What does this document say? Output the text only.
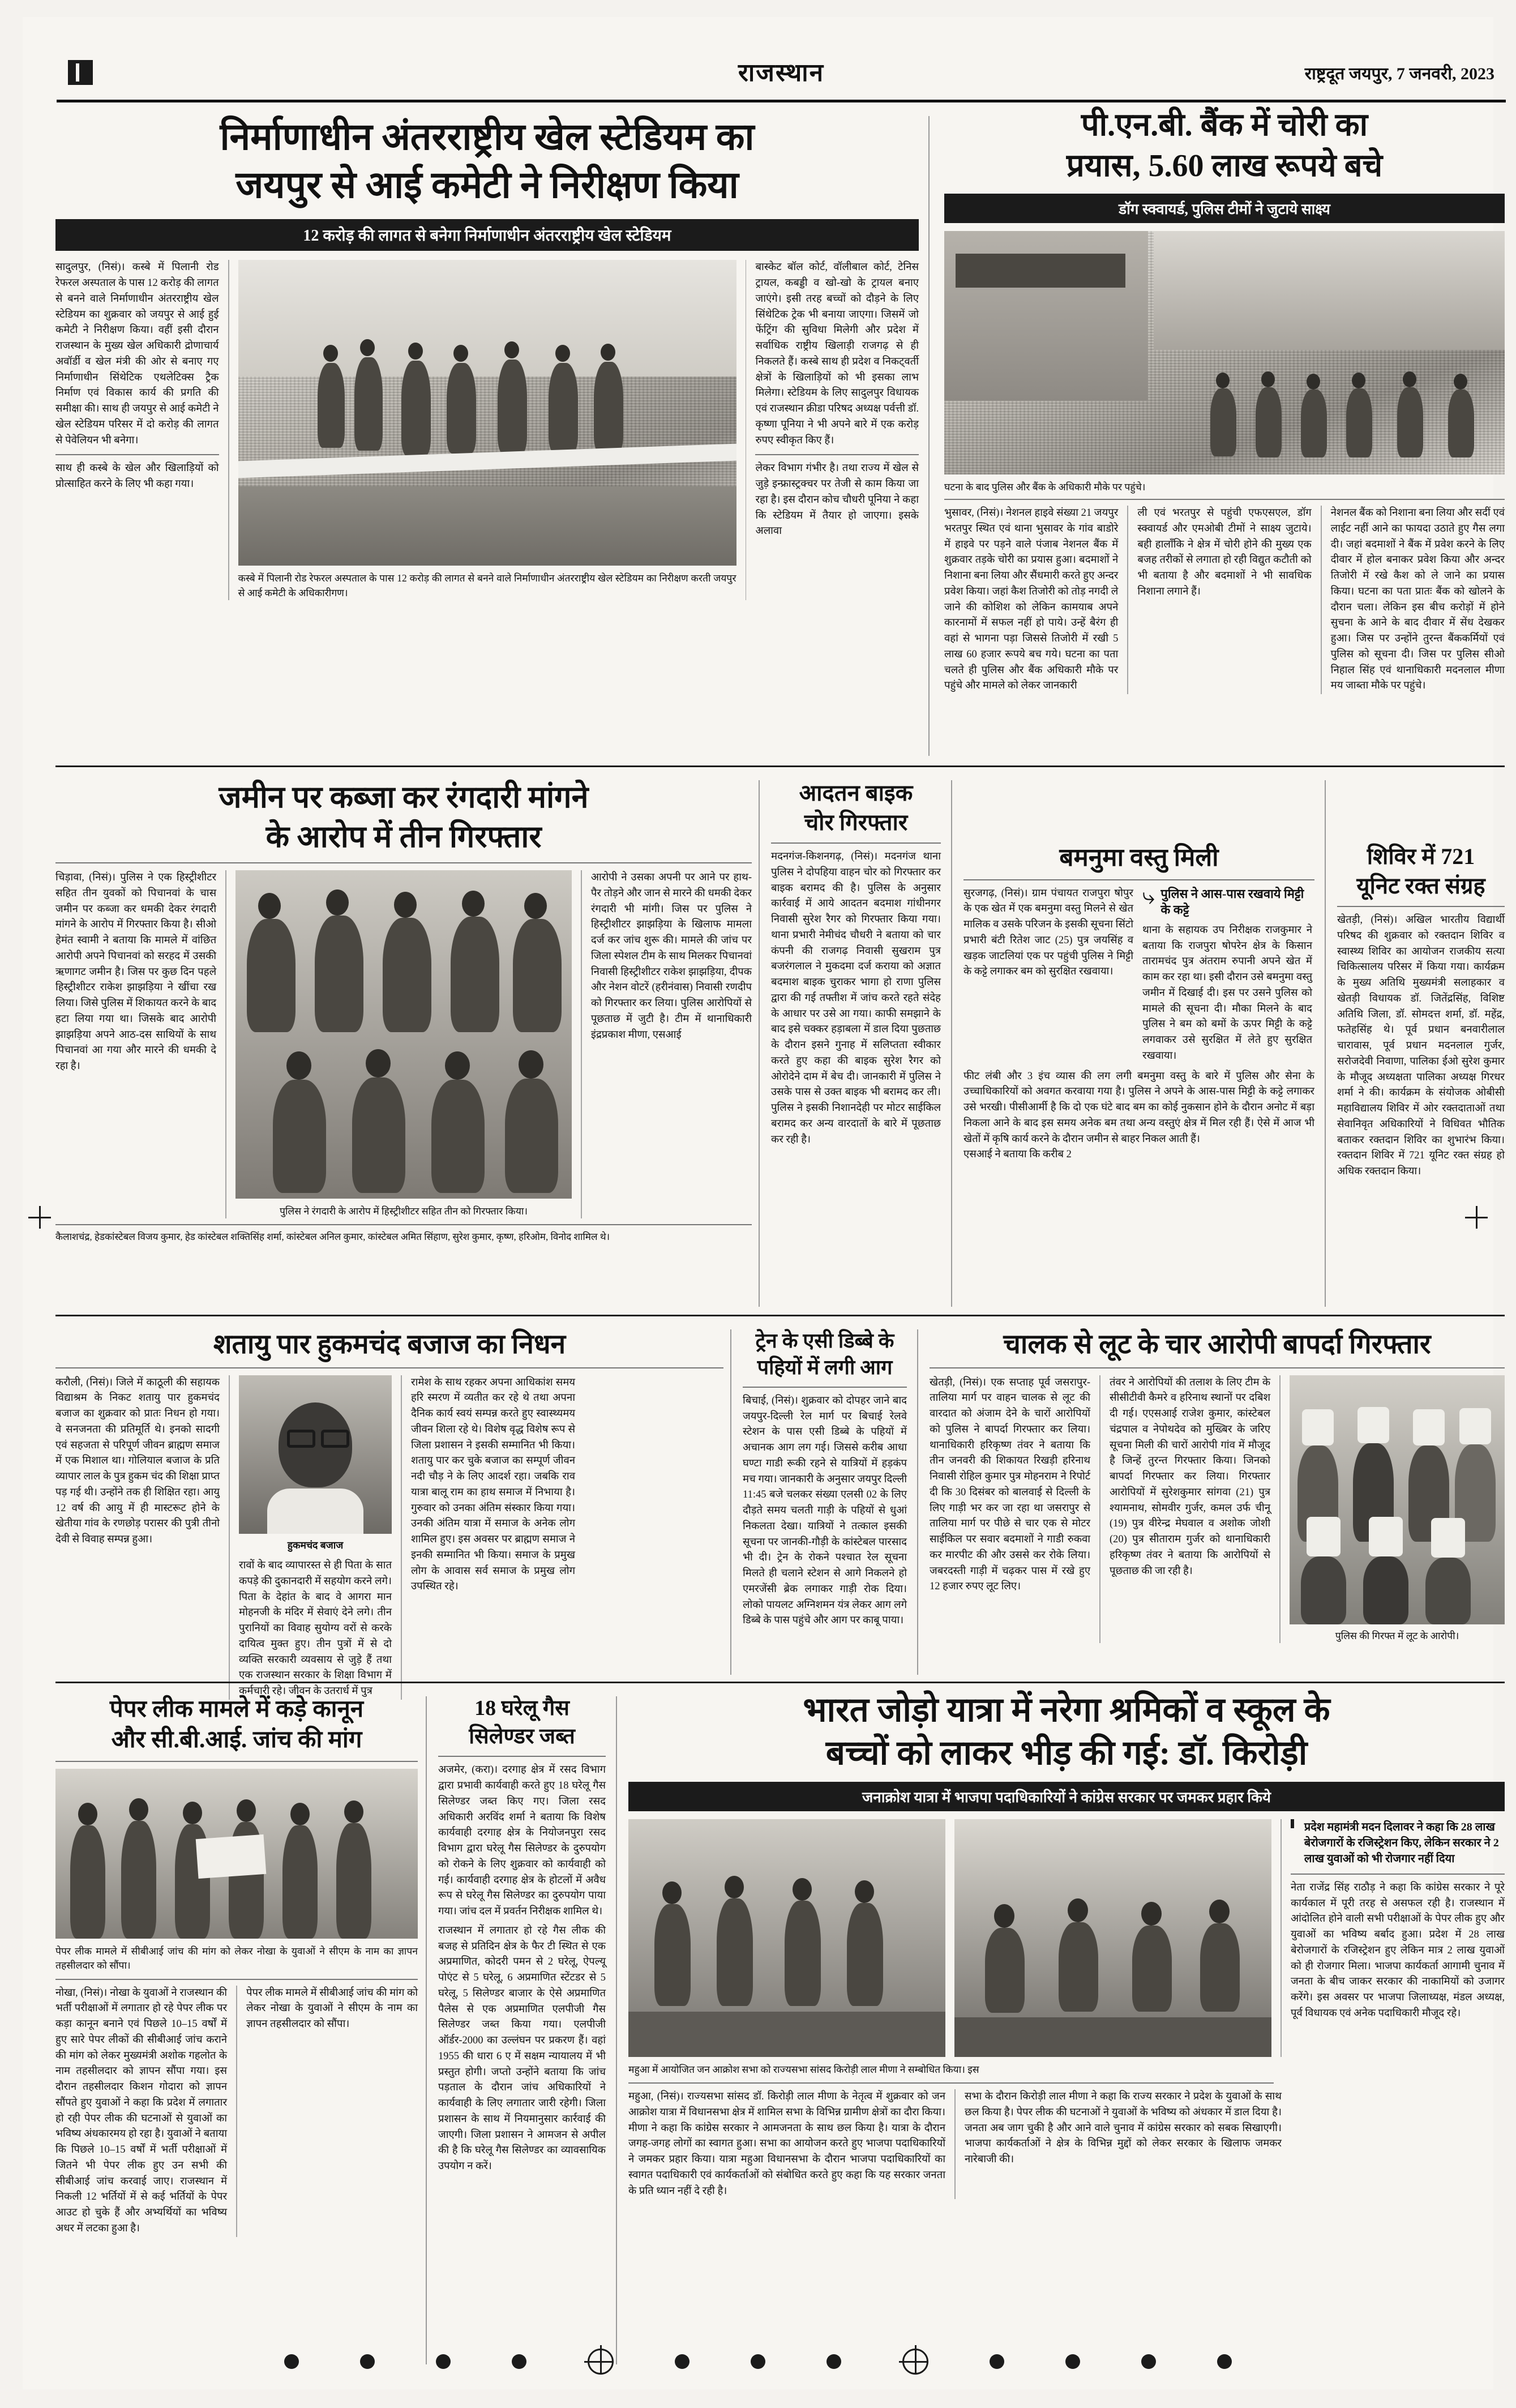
राजस्थान	राष्ट्रदूत जयपुर, 7 जनवरी, 2023
निर्माणाधीन अंतरराष्ट्रीय खेल स्टेडियम का
जयपुर से आई कमेटी ने निरीक्षण किया
12 करोड़ की लागत से बनेगा निर्माणाधीन अंतरराष्ट्रीय खेल स्टेडियम
सादुलपुर, (निसं)। कस्बे में पिलानी रोड रेफरल अस्पताल के पास 12 करोड़ की लागत से बनने वाले निर्माणाधीन अंतरराष्ट्रीय खेल स्टेडियम का शुक्रवार को जयपुर से आई हुई कमेटी ने निरीक्षण किया। वहीं इसी दौरान राजस्थान के मुख्य खेल अधिकारी द्रोणाचार्य अवॉर्डी व खेल मंत्री की ओर से बनाए गए निर्माणाधीन सिंथेटिक एथलेटिक्स ट्रैक निर्माण एवं विकास कार्य की प्रगति की समीक्षा की। साथ ही जयपुर से आई कमेटी ने खेल स्टेडियम परिसर में दो करोड़ की लागत से पेवेलियन भी बनेगा।
साथ ही कस्बे के खेल और खिलाड़ियों को प्रोत्साहित करने के लिए भी कहा गया।
कस्बे में पिलानी रोड रेफरल अस्पताल के पास 12 करोड़ की लागत से बनने वाले निर्माणाधीन अंतरराष्ट्रीय खेल स्टेडियम का निरीक्षण करती जयपुर से आई कमेटी के अधिकारीगण।
बास्केट बॉल कोर्ट, वॉलीबाल कोर्ट, टेनिस ट्रायल, कबड्डी व खो-खो के ट्रायल बनाए जाएंगे। इसी तरह बच्चों को दौड़ने के लिए सिंथेटिक ट्रेक भी बनाया जाएगा। जिसमें जो फेंट्रिंग की सुविधा मिलेगी और प्रदेश में सर्वाधिक राष्ट्रीय खिलाड़ी राजगढ़ से ही निकलते हैं। कस्बे साथ ही प्रदेश व निकट्वर्ती क्षेत्रों के खिलाड़ियों को भी इसका लाभ मिलेगा। स्टेडियम के लिए सादुलपुर विधायक एवं राजस्थान क्रीडा परिषद अध्यक्ष पर्वत्ती डॉ. कृष्णा पूनिया ने भी अपने बारे में एक करोड़ रुपए स्वीकृत किए हैं।
लेकर विभाग गंभीर है। तथा राज्य में खेल से जुड़े इन्फ्रास्ट्रक्चर पर तेजी से काम किया जा रहा है। इस दौरान कोच चौधरी पूनिया ने कहा कि स्टेडियम में तैयार हो जाएगा। इसके अलावा
पी.एन.बी. बैंक में चोरी का
प्रयास, 5.60 लाख रूपये बचे
डॉग स्क्वायर्ड, पुलिस टीमों ने जुटाये साक्ष्य
घटना के बाद पुलिस और बैंक के अधिकारी मौके पर पहुंचे।
भुसावर, (निसं)। नेशनल हाइवे संख्या 21 जयपुर भरतपुर स्थित एवं थाना भुसावर के गांव बाडोरे में हाइवे पर पड़ने वाले पंजाब नेशनल बैंक में शुक्रवार तड़के चोरी का प्रयास हुआ। बदमाशों ने निशाना बना लिया और सैंधमारी करते हुए अन्दर प्रवेश किया। जहां कैश तिजोरी को तोड़ नगदी ले जाने की कोशिश को लेकिन कामयाब अपने कारनामों में सफल नहीं हो पाये। उन्हें बैरंग ही वहां से भागना पड़ा जिससे तिजोरी में रखी 5 लाख 60 हजार रूपये बच गये। घटना का पता चलते ही पुलिस और बैंक अधिकारी मौके पर पहुंचे और मामले को लेकर जानकारी
ली एवं भरतपुर से पहुंची एफएसएल, डॉग स्क्वायर्ड और एमओबी टीमों ने साक्ष्य जुटाये। बही हालाँकि ने क्षेत्र में चोरी होने की मुख्य एक बजह तरीकों से लगाता हो रही विद्युत कटौती को भी बताया है और बदमाशों ने भी सावधिक निशाना लगाने हैं।
नेशनल बैंक को निशाना बना लिया और सदीं एवं लाईट नहीं आने का फायदा उठाते हुए गैस लगा दी। जहां बदमाशों ने बैंक में प्रवेश करने के लिए दीवार में होल बनाकर प्रवेश किया और अन्दर तिजोरी में रखे कैश को ले जाने का प्रयास किया। घटना का पता प्रातः बैंक को खोलने के दौरान चला। लेकिन इस बीच करोड़ों में होने सुचना के आने के बाद दीवार में सेंध देखकर हुआ। जिस पर उन्होंने तुरन्त बैंककर्मियों एवं पुलिस को सूचना दी। जिस पर पुलिस सीओ निहाल सिंह एवं थानाधिकारी मदनलाल मीणा मय जाब्ता मौके पर पहुंचे।
जमीन पर कब्जा कर रंगदारी मांगने
के आरोप में तीन गिरफ्तार
चिड़ावा, (निसं)। पुलिस ने एक हिस्ट्रीशीटर सहित तीन युवकों को पिचानवां के चास जमीन पर कब्जा कर धमकी देकर रंगदारी मांगने के आरोप में गिरफ्तार किया है। सीओ हेमंत स्वामी ने बताया कि मामले में वांछित आरोपी अपने पिचानवां को सरहद में उसकी ऋणागट जमीन है। जिस पर कुछ दिन पहले हिस्ट्रीशीटर राकेश झाझड़िया ने खींचा रख लिया। जिसे पुलिस में शिकायत करने के बाद हटा लिया गया था। जिसके बाद आरोपी झाझड़िया अपने आठ-दस साथियों के साथ पिचानवां आ गया और मारने की धमकी दे रहा है।
पुलिस ने रंगदारी के आरोप में हिस्ट्रीशीटर सहित तीन को गिरफ्तार किया।
आरोपी ने उसका अपनी पर आने पर हाथ-पैर तोड़ने और जान से मारने की धमकी देकर रंगदारी भी मांगी। जिस पर पुलिस ने हिस्ट्रीशीटर झाझड़िया के खिलाफ मामला दर्ज कर जांच शुरू की। मामले की जांच पर जिला स्पेशल टीम के साथ मिलकर पिचानवां निवासी हिस्ट्रीशीटर राकेश झाझड़िया, दीपक और नेशन वोटरें (हरीनंवास) निवासी रणदीप को गिरफ्तार कर लिया। पुलिस आरोपियों से पूछताछ में जुटी है। टीम में थानाधिकारी इंद्रप्रकाश मीणा, एसआई
कैलाशचंद्र, हेडकांस्टेबल विजय कुमार, हेड कांस्टेबल शक्तिसिंह शर्मा, कांस्टेबल अनिल कुमार, कांस्टेबल अमित सिंहाण, सुरेश कुमार, कृष्ण, हरिओम, विनोद शामिल थे।
आदतन बाइक
चोर गिरफ्तार
मदनगंज-किशनगढ़, (निसं)। मदनगंज थाना पुलिस ने दोपहिया वाहन चोर को गिरफ्तार कर बाइक बरामद की है। पुलिस के अनुसार कार्रवाई में आये आदतन बदमाश गांधीनगर निवासी सुरेश रैगर को गिरफ्तार किया गया। थाना प्रभारी नेमीचंद चौधरी ने बताया को चार कंपनी की राजगढ़ निवासी सुखराम पुत्र बजरंगलाल ने मुकदमा दर्ज कराया को अज्ञात बदमाश बाइक चुराकर भागा हो राणा पुलिस द्वारा की गई तफ्तीश में जांच करते रहते संदेह के आधार पर उसे आ गया। काफी समझाने के बाद इसे चक्कर हड़ाबला में डाल दिया पुछताछ के दौरान इसने गुनाह में सलिप्तता स्वीकार करते हुए कहा की बाइक सुरेश रैगर को ओरोदेने दाम में बेच दी। जानकारी में पुलिस ने उसके पास से उक्त बाइक भी बरामद कर ली। पुलिस ने इसकी निशानदेही पर मोटर साईकिल बरामद कर अन्य वारदातों के बारे में पूछताछ कर रही है।
बमनुमा वस्तु मिली
सुरजगढ़, (निसं)। ग्राम पंचायत राजपुरा षोपुर के एक खेत में एक बमनुमा वस्तु मिलने से खेत मालिक व उसके परिजन के इसकी सूचना सिंटो प्रभारी बंटी रितेश जाट (25) पुत्र जयसिंह व खड़क जाटलियां एक पर पहुंची पुलिस ने मिट्टी के कट्टे लगाकर बम को सुरक्षित रखवाया।
⤷ पुलिस ने आस-पास रखवाये मिट्टी के कट्टे
थाना के सहायक उप निरीक्षक राजकुमार ने बताया कि राजपुरा षोपरेन क्षेत्र के किसान तारामचंद पुत्र अंतराम रुपानी अपने खेत में काम कर रहा था। इसी दौरान उसे बमनुमा वस्तु जमीन में दिखाई दी। इस पर उसने पुलिस को मामले की सूचना दी। मौका मिलने के बाद पुलिस ने बम को बमों के ऊपर मिट्टी के कट्टे लगवाकर उसे सुरक्षित में लेते हुए सुरक्षित रखवाया।
फीट लंबी और 3 इंच व्यास की लग लगी बमनुमा वस्तु के बारे में पुलिस और सेना के उच्चाधिकारियों को अवगत करवाया गया है। पुलिस ने अपने के आस-पास मिट्टी के कट्टे लगाकर उसे भरखी। पीसीआर्मी है कि दो एक घंटे बाद बम का कोई नुकसान होने के दौरान अनोट में बड़ा निकला आने के बाद इस समय अनेक बम तथा अन्य वस्तुएं क्षेत्र में मिल रही हैं। ऐसे में आज भी खेतों में कृषि कार्य करने के दौरान जमीन से बाहर निकल आती हैं।
एसआई ने बताया कि करीब 2
शिविर में 721
यूनिट रक्त संग्रह
खेतड़ी, (निसं)। अखिल भारतीय विद्यार्थी परिषद की शुक्रवार को रक्तदान शिविर व स्वास्थ्य शिविर का आयोजन राजकीय सत्या चिकित्सालय परिसर में किया गया। कार्यक्रम के मुख्य अतिथि मुख्यमंत्री सलाहकार व खेतड़ी विधायक डॉ. जितेंद्रसिंह, विशिष्ट अतिथि जिला, डॉ. सोमदत्त शर्मा, डॉ. महेंद्र, फतेहसिंह थे। पूर्व प्रधान बनवारीलाल चारावास, पूर्व प्रधान मदनलाल गुर्जर, सरोजदेवी निवाणा, पालिका ईओ सुरेश कुमार के मौजूद अध्यक्षता पालिका अध्यक्ष गिरधर शर्मा ने की। कार्यक्रम के संयोजक ओबीसी महाविद्यालय शिविर में ओर रक्तदाताओं तथा सेवानिवृत अधिकारियों ने विधिवत भौतिक बताकर रक्तदान शिविर का शुभारंभ किया। रक्तदान शिविर में 721 यूनिट रक्त संग्रह हो अधिक रक्तदान किया।
शतायु पार हुकमचंद बजाज का निधन
करौली, (निसं)। जिले में काठूली की सहायक विद्याश्रम के निकट शतायु पार हुकमचंद बजाज का शुक्रवार को प्रातः निधन हो गया। वे सनजनता की प्रतिमूर्ति थे। इनको सादगी एवं सहजता से परिपूर्ण जीवन ब्राह्मण समाज में एक मिशाल था। गोलियाल बजाज के प्रति व्यापार लाल के पुत्र हुकम चंद की शिक्षा प्राप्त पड़ गई थी। उन्होंने तक ही शिक्षित रहा। आयु 12 वर्ष की आयु में ही मास्टरूट होने के खेतीया गांव के रणछोड़ परासर की पुत्री तीनो देवी से विवाह सम्पन्न हुआ।	हुकमचंद बजाज
रावों के बाद व्यापारस्त से ही पिता के सात कपड़े की दुकानदारी में सहयोग करने लगे। पिता के देहांत के बाद वे आगरा मान मोहनजी के मंदिर में सेवाएं देने लगे। तीन पुरानियों का विवाह सुयोग्य वरों से करके दायित्व मुक्त हुए। तीन पुत्रों में से दो व्यक्ति सरकारी व्यवसाय से जुड़े हैं तथा एक राजस्थान सरकार के शिक्षा विभाग में कर्मचारी रहे। जीवन के उतरार्ध में पुत्र
रामेश के साथ रहकर अपना आधिकांश समय हरि स्मरण में व्यतीत कर रहे थे तथा अपना दैनिक कार्य स्वयं सम्पन्न करते हुए स्वास्थ्यमय जीवन शिला रहे थे। विशेष वृद्ध विशेष रूप से जिला प्रशासन ने इसकी सम्मानित भी किया। शतायु पार कर चुके बजाज का सम्पूर्ण जीवन नदी चौड़ ने के लिए आदर्श रहा। जबकि राव यात्रा बालू राम का हाथ समाज में निभाया है। गुरुवार को उनका अंतिम संस्कार किया गया। उनकी अंतिम यात्रा में समाज के अनेक लोग शामिल हुए। इस अवसर पर ब्राह्मण समाज ने इनकी सम्मानित भी किया। समाज के प्रमुख लोग के आवास सर्व समाज के प्रमुख लोग उपस्थित रहे।
ट्रेन के एसी डिब्बे के
पहियों में लगी आग
बिचाई, (निसं)। शुक्रवार को दोपहर जाने बाद जयपुर-दिल्ली रेल मार्ग पर बिचाई रेलवे स्टेशन के पास एसी डिब्बे के पहियों में अचानक आग लग गई। जिससे करीब आधा घण्टा गाडी रूकी रहने से यात्रियों में हड़कंप मच गया। जानकारी के अनुसार जयपुर दिल्ली 11:45 बजे चलकर संख्या एलसी 02 के लिए दौड़ते समय चलती गाड़ी के पहियों से धुआं निकलता देखा। यात्रियों ने तत्काल इसकी सूचना पर जानकी-गौड़ी के कांस्टेबल पारसाद भी दी। ट्रेन के रोकने पश्चात रेल सूचना मिलते ही चलाने स्टेशन से आगे निकलने हो एमरजेंसी ब्रेक लगाकर गाड़ी रोक दिया। लोको पायलट अग्निशमन यंत्र लेकर आग लगे डिब्बे के पास पहुंचे और आग पर काबू पाया।
चालक से लूट के चार आरोपी बापर्दा गिरफ्तार
खेतड़ी, (निसं)। एक सप्ताह पूर्व जसरापुर-तालिया मार्ग पर वाहन चालक से लूट की वारदात को अंजाम देने के चारों आरोपियों को पुलिस ने बापर्दा गिरफ्तार कर लिया। थानाधिकारी हरिकृष्ण तंवर ने बताया कि तीन जनवरी की शिकायत रिखड़ी हरिनाथ निवासी रोहिल कुमार पुत्र मोहनराम ने रिपोर्ट दी कि 30 दिसंबर को बालवाई से दिल्ली के लिए गाड़ी भर कर जा रहा था जसरापुर से तालिया मार्ग पर पीछे से चार एक से मोटर साईकिल पर सवार बदमाशों ने गाडी रुकवा कर मारपीट की और उससे कर रोके लिया। जबरदस्ती गाड़ी में चढ़कर पास में रखे हुए 12 हजार रुपए लूट लिए।
तंवर ने आरोपियों की तलाश के लिए टीम के सीसीटीवी कैमरे व हरिनाथ स्थानों पर दबिश दी गई। एएसआई राजेश कुमार, कांस्टेबल चंद्रपाल व नेपोथदेव को मुख्बिर के जरिए सूचना मिली की चारों आरोपी गांव में मौजूद है जिन्हें तुरन्त गिरफ्तार किया। जिनको बापर्दा गिरफ्तार कर लिया। गिरफ्तार आरोपियों में सुरेशकुमार सांगवा (21) पुत्र श्यामनाथ, सोमवीर गुर्जर, कमल उर्फ चीनू (19) पुत्र वीरेन्द्र मेघवाल व अशोक जोशी (20) पुत्र सीताराम गुर्जर को थानाधिकारी हरिकृष्ण तंवर ने बताया कि आरोपियों से पूछताछ की जा रही है।
पुलिस की गिरफ्त में लूट के आरोपी।
पेपर लीक मामले में कड़े कानून
और सी.बी.आई. जांच की मांग
पेपर लीक मामले में सीबीआई जांच की मांग को लेकर नोखा के युवाओं ने सीएम के नाम का ज्ञापन तहसीलदार को सौंपा।
नोखा, (निसं)। नोखा के युवाओं ने राजस्थान की भर्ती परीक्षाओं में लगातार हो रहे पेपर लीक पर कड़ा कानून बनाने एवं पिछले 10–15 वर्षों में हुए सारे पेपर लीकों की सीबीआई जांच कराने की मांग को लेकर मुख्यमंत्री अशोक गहलोत के नाम तहसीलदार को ज्ञापन सौंपा गया। इस दौरान तहसीलदार किशन गोदारा को ज्ञापन सौंपते हुए युवाओं ने कहा कि प्रदेश में लगातार हो रही पेपर लीक की घटनाओं से युवाओं का भविष्य अंधकारमय हो रहा है। युवाओं ने बताया कि पिछले 10–15 वर्षों में भर्ती परीक्षाओं में जितने भी पेपर लीक हुए उन सभी की सीबीआई जांच करवाई जाए। राजस्थान में निकली 12 भर्तियों में से कई भर्तियों के पेपर आउट हो चुके हैं और अभ्यर्थियों का भविष्य अधर में लटका हुआ है।
पेपर लीक मामले में सीबीआई जांच की मांग को लेकर नोखा के युवाओं ने सीएम के नाम का ज्ञापन तहसीलदार को सौंपा।
18 घरेलू गैस
सिलेण्डर जब्त
अजमेर, (करा)। दरगाह क्षेत्र में रसद विभाग द्वारा प्रभावी कार्यवाही करते हुए 18 घरेलू गैस सिलेण्डर जब्त किए गए। जिला रसद अधिकारी अरविंद शर्मा ने बताया कि विशेष कार्यवाही दरगाह क्षेत्र के नियोजनपुरा रसद विभाग द्वारा घरेलू गैस सिलेण्डर के दुरुपयोग को रोकने के लिए शुक्रवार को कार्यवाही को गई। कार्यवाही दरगाह क्षेत्र के होटलों में अवैध रूप से घरेलू गैस सिलेण्डर का दुरुपयोग पाया गया। जांच दल में प्रवर्तन निरीक्षक शामिल थे।
राजस्थान में लगातार हो रहे गैस लीक की बजह से प्रतिदिन क्षेत्र के फैर टी स्थित से एक अप्रमाणित, कोदरी पमन से 2 घरेलू, ऐपल्यू पोएंट से 5 घरेलू, 6 अप्रमाणित स्टेंटडर से 5 घरेलू, 5 सिलेण्डर बाजार के ऐसे अप्रमाणित पैलेस से एक अप्रमाणित एलपीजी गैस सिलेण्डर जब्त किया गया। एलपीजी ऑर्डर-2000 का उल्लंघन पर प्रकरण हैं। वहां 1955 की धारा 6 ए में सक्षम न्यायालय में भी प्रस्तुत होगी। जप्तो उन्होंने बताया कि जांच पड़ताल के दौरान जांच अधिकारियों ने कार्यवाही के लिए लगातार जारी रहेगी। जिला प्रशासन के साथ में नियमानुसार कार्रवाई की जाएगी। जिला प्रशासन ने आमजन से अपील की है कि घरेलू गैस सिलेण्डर का व्यावसायिक उपयोग न करें।
भारत जोड़ो यात्रा में नरेगा श्रमिकों व स्कूल के
बच्चों को लाकर भीड़ की गई: डॉ. किरोड़ी
जनाक्रोश यात्रा में भाजपा पदाधिकारियों ने कांग्रेस सरकार पर जमकर प्रहार किये
प्रदेश महामंत्री मदन दिलावर ने कहा कि 28 लाख बेरोजगारों के रजिस्ट्रेशन किए, लेकिन सरकार ने 2 लाख युवाओं को भी रोजगार नहीं दिया
नेता राजेंद्र सिंह राठौड़ ने कहा कि कांग्रेस सरकार ने पूरे कार्यकाल में पूरी तरह से असफल रही है। राजस्थान में आंदोलित होने वाली सभी परीक्षाओं के पेपर लीक हुए और युवाओं का भविष्य बर्बाद हुआ। प्रदेश में 28 लाख बेरोजगारों के रजिस्ट्रेशन हुए लेकिन मात्र 2 लाख युवाओं को ही रोजगार मिला। भाजपा कार्यकर्ता आगामी चुनाव में जनता के बीच जाकर सरकार की नाकामियों को उजागर करेंगे। इस अवसर पर भाजपा जिलाध्यक्ष, मंडल अध्यक्ष, पूर्व विधायक एवं अनेक पदाधिकारी मौजूद रहे।
महुआ में आयोजित जन आक्रोश सभा को राज्यसभा सांसद किरोड़ी लाल मीणा ने सम्बोधित किया। इस
महुआ, (निसं)। राज्यसभा सांसद डॉ. किरोड़ी लाल मीणा के नेतृत्व में शुक्रवार को जन आक्रोश यात्रा में विधानसभा क्षेत्र में शामिल सभा के विभिन्न ग्रामीण क्षेत्रों का दौरा किया। मीणा ने कहा कि कांग्रेस सरकार ने आमजनता के साथ छल किया है। यात्रा के दौरान जगह-जगह लोगों का स्वागत हुआ। सभा का आयोजन करते हुए भाजपा पदाधिकारियों ने जमकर प्रहार किया। यात्रा महुआ विधानसभा के दौरान भाजपा पदाधिकारियों का स्वागत पदाधिकारी एवं कार्यकर्ताओं को संबोधित करते हुए कहा कि यह सरकार जनता के प्रति ध्यान नहीं दे रही है।
सभा के दौरान किरोड़ी लाल मीणा ने कहा कि राज्य सरकार ने प्रदेश के युवाओं के साथ छल किया है। पेपर लीक की घटनाओं ने युवाओं के भविष्य को अंधकार में डाल दिया है। जनता अब जाग चुकी है और आने वाले चुनाव में कांग्रेस सरकार को सबक सिखाएगी। भाजपा कार्यकर्ताओं ने क्षेत्र के विभिन्न मुद्दों को लेकर सरकार के खिलाफ जमकर नारेबाजी की।
